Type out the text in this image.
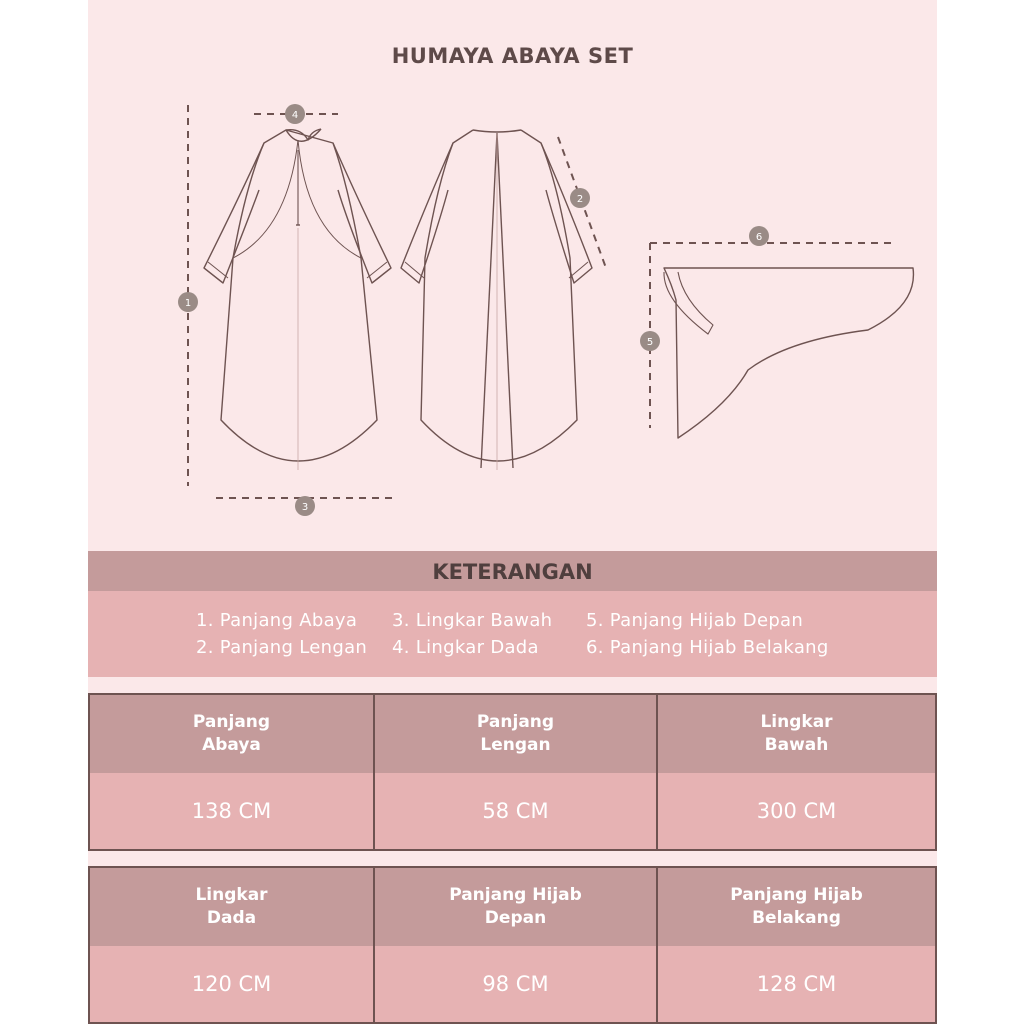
HUMAYA ABAYA SET
1
2
3
4
5
6
KETERANGAN
1. Panjang Abaya
2. Panjang Lengan
3. Lingkar Bawah
4. Lingkar Dada
5. Panjang Hijab Depan
6. Panjang Hijab Belakang
Panjang
Abaya
138 CM
Panjang
Lengan
58 CM
Lingkar
Bawah
300 CM
Lingkar
Dada
120 CM
Panjang Hijab
Depan
98 CM
Panjang Hijab
Belakang
128 CM
